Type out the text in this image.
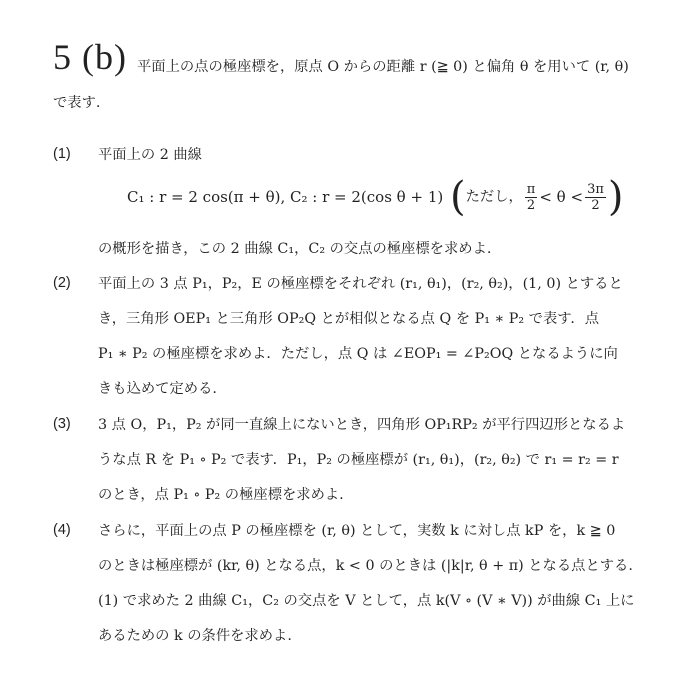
5 (b) 平面上の点の極座標を，原点 O からの距離 r (≧ 0) と偏角 θ を用いて (r, θ)
で表す.
(1) 平面上の 2 曲線
C₁ : r = 2 cos(π + θ), C₂ : r = 2(cos θ + 1) (ただし， $\frac{\pi}{2} < \theta < \frac{3\pi}{2}$ )
の概形を描き，この 2 曲線 C₁，C₂ の交点の極座標を求めよ.
(2) 平面上の 3 点 P₁，P₂，E の極座標をそれぞれ (r₁, θ₁)，(r₂, θ₂)，(1, 0) とすると
き，三角形 OEP₁ と三角形 OP₂Q とが相似となる点 Q を P₁ ∗ P₂ で表す．点
P₁ ∗ P₂ の極座標を求めよ．ただし，点 Q は ∠EOP₁ = ∠P₂OQ となるように向
きも込めて定める.
(3) 3 点 O，P₁，P₂ が同一直線上にないとき，四角形 OP₁RP₂ が平行四辺形となるよ
うな点 R を P₁ ∘ P₂ で表す．P₁，P₂ の極座標が (r₁, θ₁)，(r₂, θ₂) で r₁ = r₂ = r
のとき，点 P₁ ∘ P₂ の極座標を求めよ.
(4) さらに，平面上の点 P の極座標を (r, θ) として，実数 k に対し点 kP を，k ≧ 0
のときは極座標が (kr, θ) となる点，k < 0 のときは (|k|r, θ + π) となる点とする.
(1) で求めた 2 曲線 C₁，C₂ の交点を V として，点 k(V ∘ (V ∗ V)) が曲線 C₁ 上に
あるための k の条件を求めよ.
